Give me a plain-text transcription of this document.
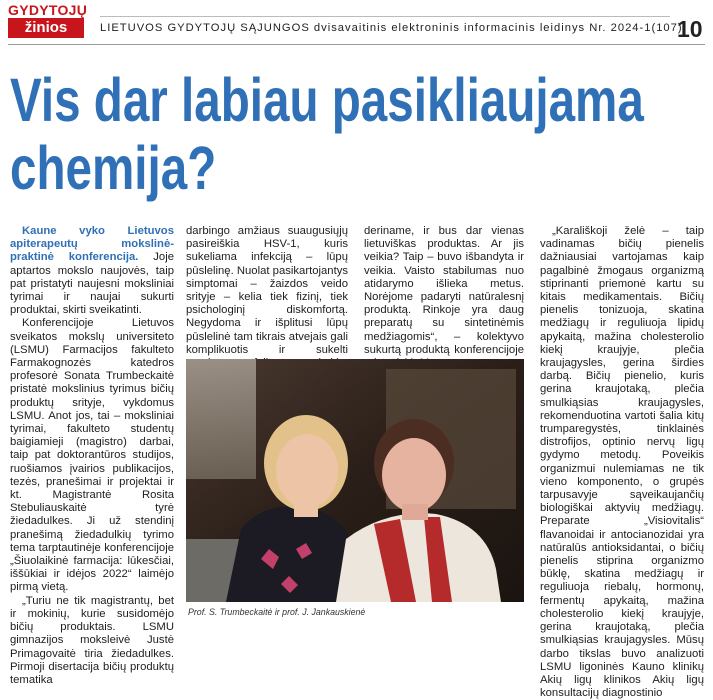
GYDYTOJŲ
žinios	LIETUVOS GYDYTOJŲ SĄJUNGOS dvisavaitinis elektroninis informacinis leidinys Nr. 2024-1(107)
10
Vis dar labiau pasikliaujama
chemija?

Kaune vyko Lietuvos apiterapeutų mokslinė-praktinė konferencija. Joje aptartos mokslo naujovės, taip pat pristatyti naujesni moksliniai tyrimai ir naujai sukurti produktai, skirti sveikatinti.

Konferencijoje Lietuvos sveikatos mokslų universiteto (LSMU) Farmacijos fakulteto Farmakognozės katedros profesorė Sonata Trumbeckaitė pristatė mokslinius tyrimus bičių produktų srityje, vykdomus LSMU. Anot jos, tai – moksliniai tyrimai, fakulteto studentų baigiamieji (magistro) darbai, taip pat doktorantūros studijos, ruošiamos įvairios publikacijos, tezės, pranešimai ir projektai ir kt. Magistrantė Rosita Stebuliauskaitė tyrė žiedadulkes. Ji už stendinį pranešimą žiedadulkių tyrimo tema tarptautinėje konferencijoje „Šiuolaikinė farmacija: lūkesčiai, iššūkiai ir idėjos 2022“ laimėjo pirmą vietą.

„Turiu ne tik magistrantų, bet ir mokinių, kurie susidomėjo bičių produktais. LSMU gimnazijos moksleivė Justė Primagovaitė tiria žiedadulkes. Pirmoji disertacija bičių produktų tematika

darbingo amžiaus suaugusiųjų pasireiškia HSV-1, kuris sukeliama infekciją – lūpų pūslelinę. Nuolat pasikartojantys simptomai – žaizdos veido srityje – kelia tiek fizinį, tiek psichologinį diskomfortą. Negydoma ir išplitusi lūpų pūslelinė tam tikrais atvejais gali komplikuotis ir sukelti

deriname, ir bus dar vienas lietuviškas produktas. Ar jis veikia? Taip – buvo išbandyta ir veikia. Vaisto stabilumas nuo atidarymo išlieka metus. Norėjome padaryti natūralesnį produktą. Rinkoje yra daug preparatų su sintetinėmis medžiagomis“, – kolektyvo sukurtą produktą konferencijoje

„Karališkoji želė – taip vadinamas bičių pienelis dažniausiai vartojamas kaip pagalbinė žmogaus organizmą stiprinanti priemonė kartu su kitais medikamentais. Bičių pienelis tonizuoja, skatina medžiagų ir reguliuoja lipidų apykaitą, mažina cholesterolio kiekį kraujyje, plečia kraujagysles, gerina širdies darbą. Bičių pienelio, kuris gerina kraujotaką, plečia smulkiąsias kraujagysles, rekomenduotina vartoti šalia kitų trumparegystės, tinklainės distrofijos, optinio nervų ligų gydymo metodų. Poveikis organizmui nulemiamas ne tik vieno komponento, o grupės tarpusavyje sąveikaujančių biologiškai aktyvių medžiagų. Preparate „Visiovitalis“ flavanoidai ir antocianozidai yra natūralūs antioksidantai, o bičių pienelis stiprina organizmo būklę, skatina medžiagų ir reguliuoja riebalų, hormonų, fermentų apykaitą, mažina cholesterolio kiekį kraujyje, gerina kraujotaką, plečia smulkiąsias kraujagysles. Mūsų darbo tikslas buvo analizuoti LSMU ligoninės Kauno klinikų Akių ligų klinikos Akių ligų konsultacijų diagnostinio

Prof. S. Trumbeckaitė ir prof. J. Jankauskienė
